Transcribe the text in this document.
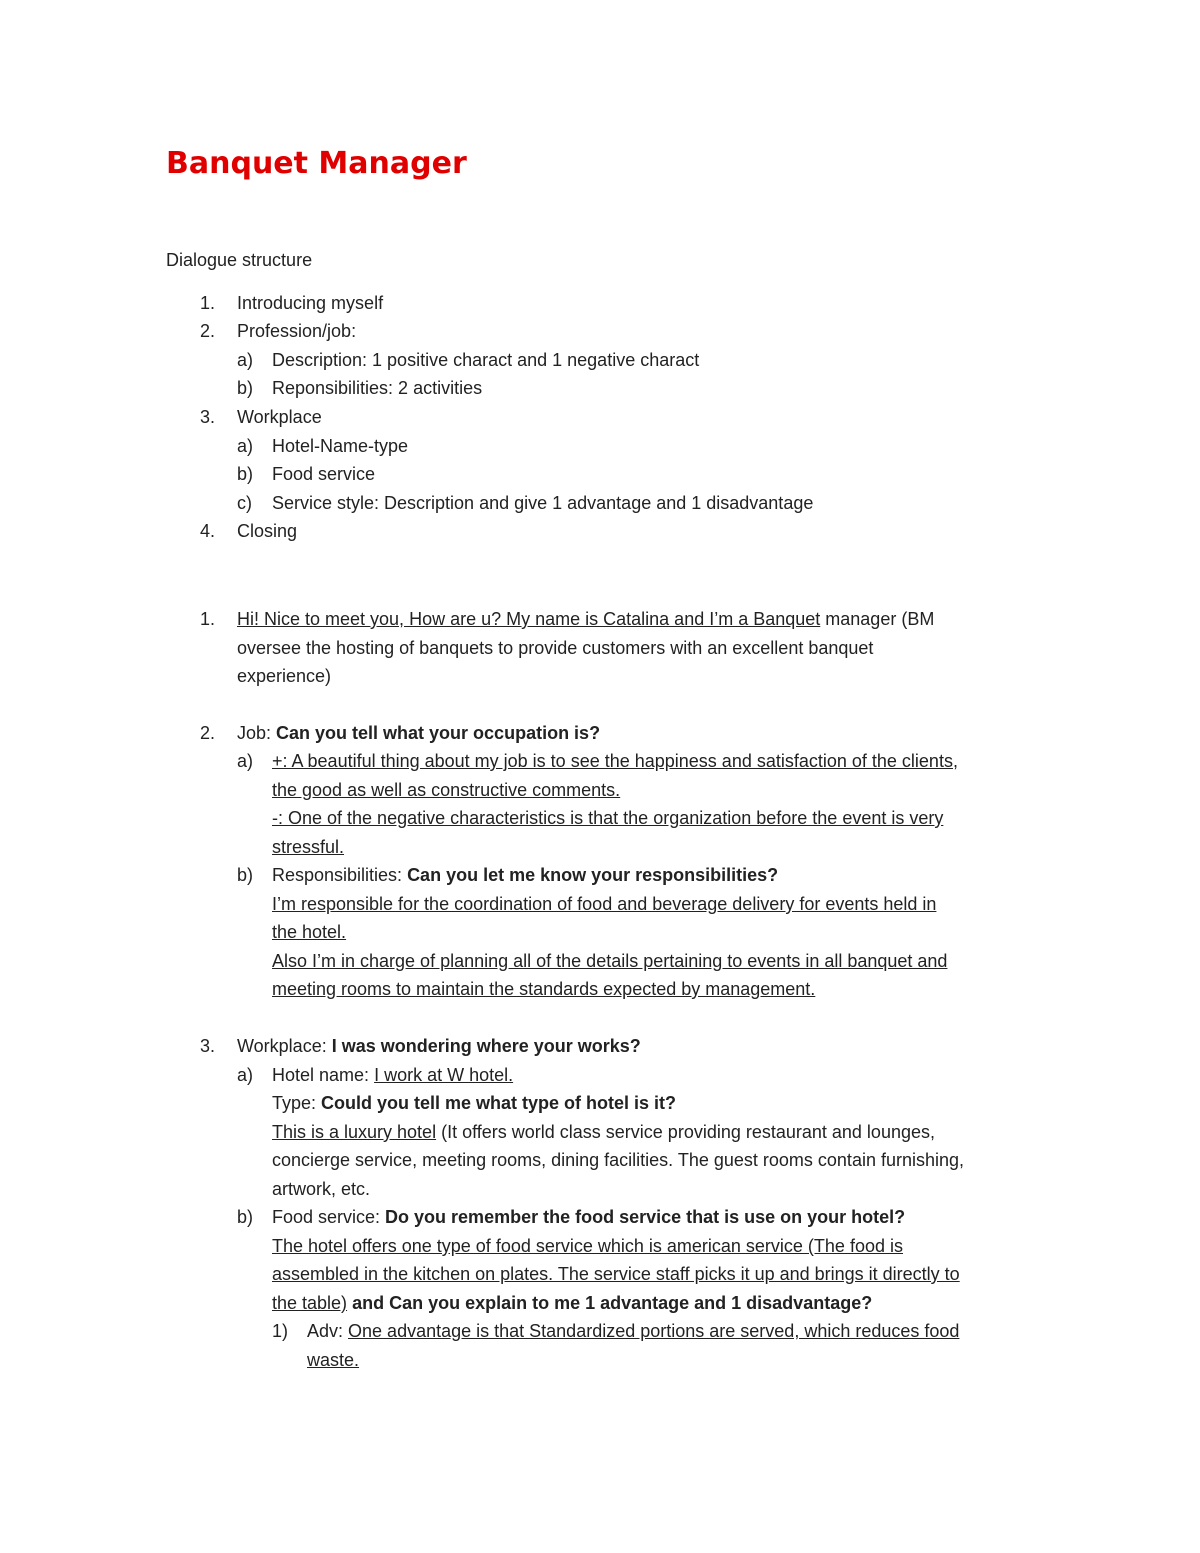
Banquet Manager
Dialogue structure
1. Introducing myself
2. Profession/job:
a) Description: 1 positive charact and 1 negative charact
b) Reponsibilities: 2 activities
3. Workplace
a) Hotel-Name-type
b) Food service
c) Service style: Description and give 1 advantage and 1 disadvantage
4. Closing
1. Hi! Nice to meet you, How are u? My name is Catalina and I’m a Banquet manager (BM
oversee the hosting of banquets to provide customers with an excellent banquet
experience)
2. Job: Can you tell what your occupation is?
a) +: A beautiful thing about my job is to see the happiness and satisfaction of the clients,
the good as well as constructive comments.
-: One of the negative characteristics is that the organization before the event is very
stressful.
b) Responsibilities: Can you let me know your responsibilities?
I’m responsible for the coordination of food and beverage delivery for events held in
the hotel.
Also I’m in charge of planning all of the details pertaining to events in all banquet and
meeting rooms to maintain the standards expected by management.
3. Workplace: I was wondering where your works?
a) Hotel name: I work at W hotel.
Type: Could you tell me what type of hotel is it?
This is a luxury hotel (It offers world class service providing restaurant and lounges,
concierge service, meeting rooms, dining facilities. The guest rooms contain furnishing,
artwork, etc.
b) Food service: Do you remember the food service that is use on your hotel?
The hotel offers one type of food service which is american service (The food is
assembled in the kitchen on plates. The service staff picks it up and brings it directly to
the table) and Can you explain to me 1 advantage and 1 disadvantage?
1) Adv: One advantage is that Standardized portions are served, which reduces food
waste.
